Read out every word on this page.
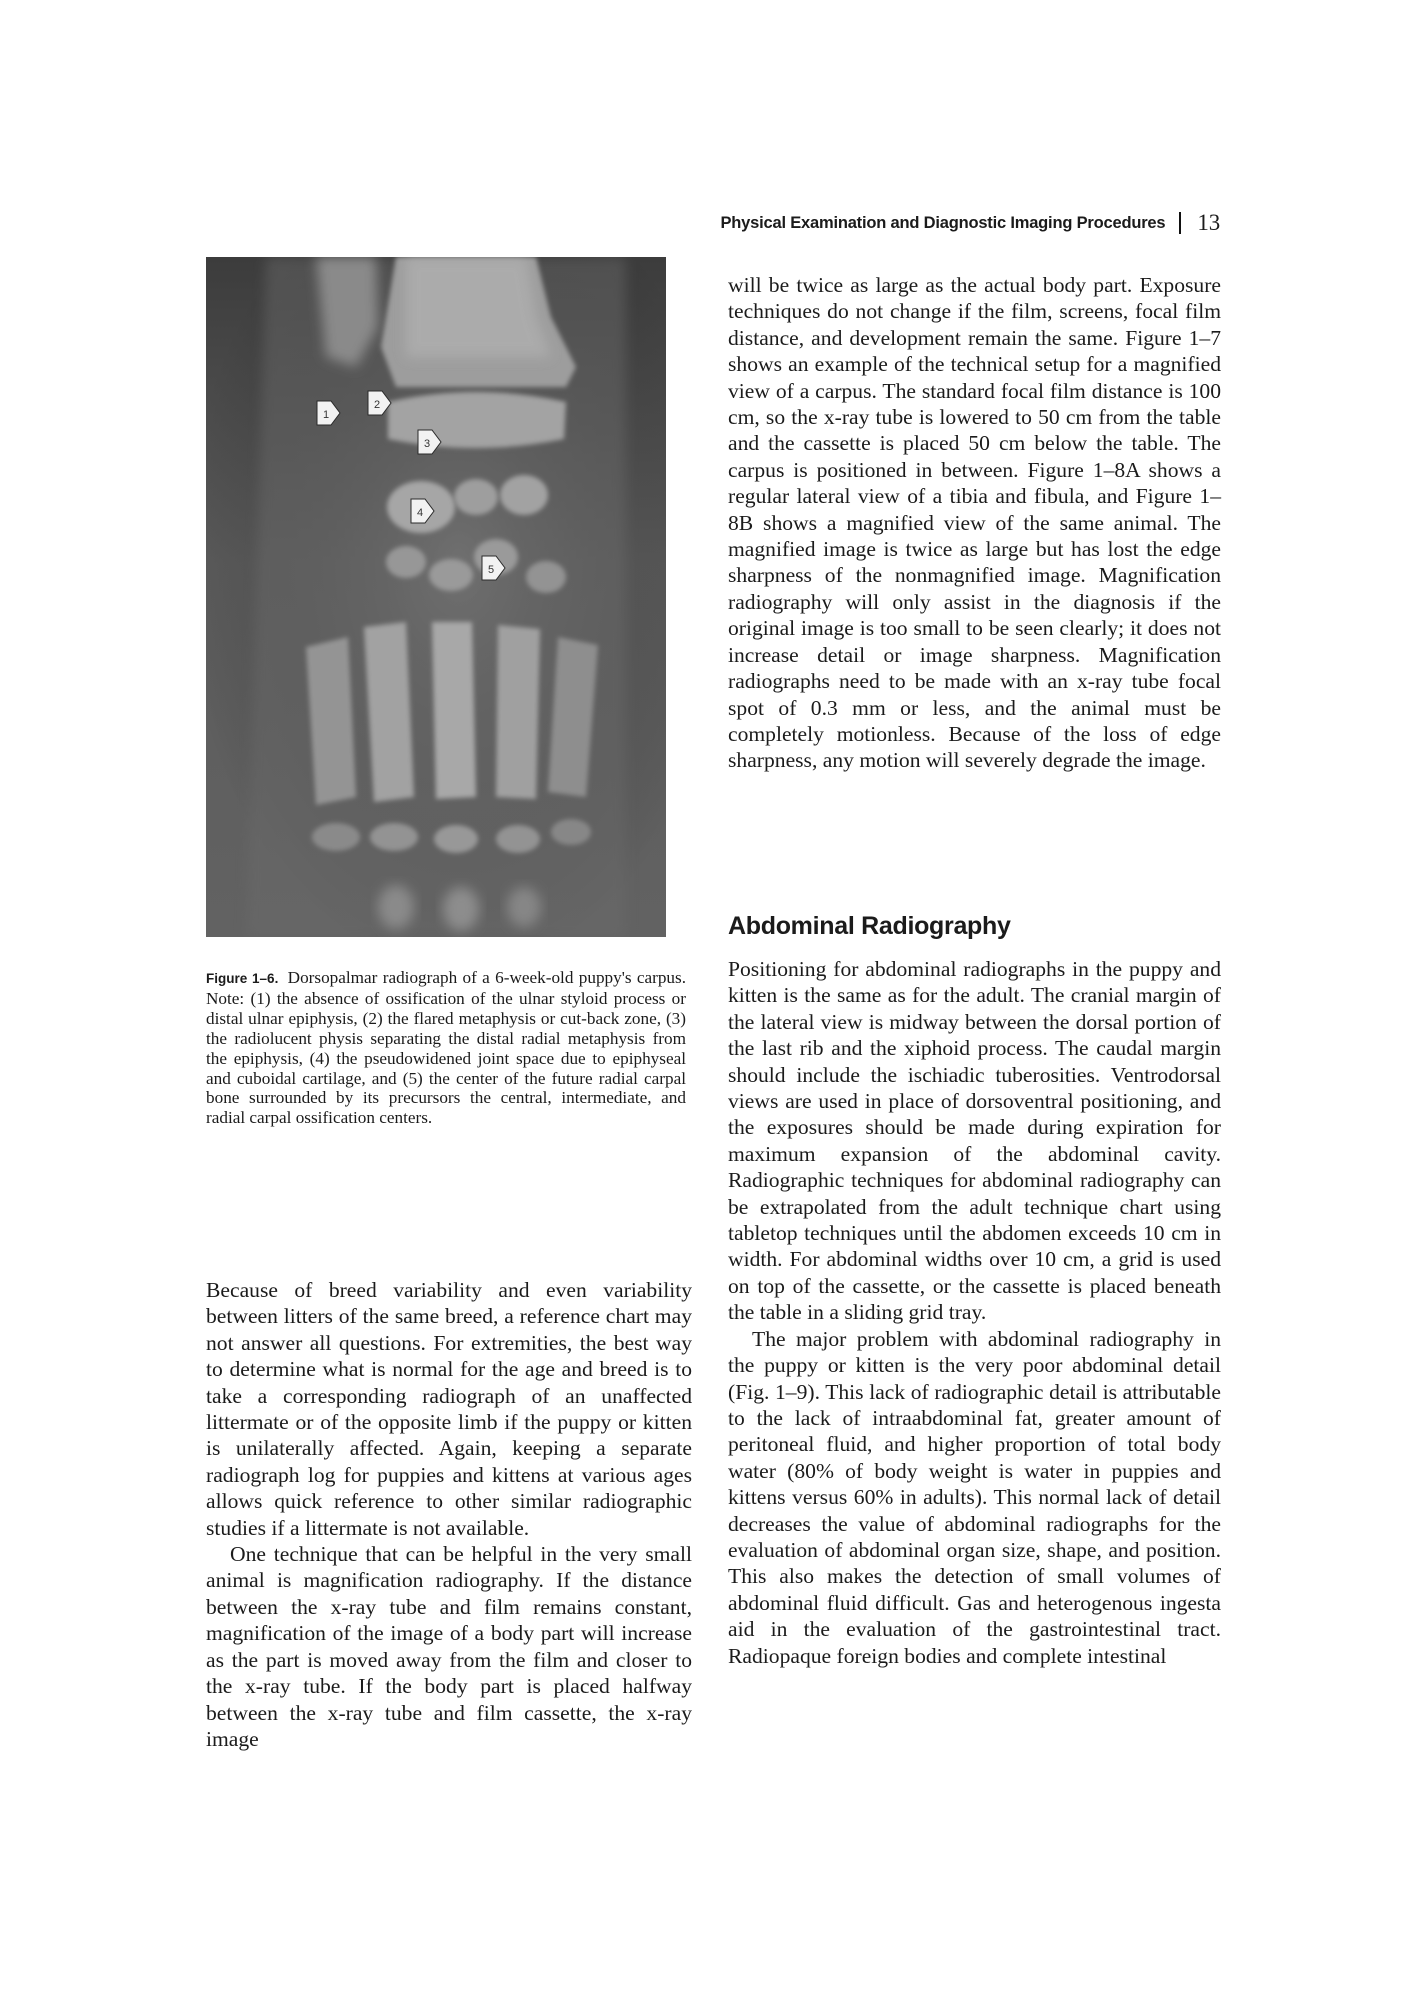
Physical Examination and Diagnostic Imaging Procedures 13
1
2
3
4
5
Figure 1–6. Dorsopalmar radiograph of a 6-week-old puppy's carpus. Note: (1) the absence of ossification of the ulnar styloid process or distal ulnar epiphysis, (2) the flared metaphysis or cut-back zone, (3) the radiolucent physis separating the distal radial metaphysis from the epiphysis, (4) the pseudowidened joint space due to epiphyseal and cuboidal cartilage, and (5) the center of the future radial carpal bone surrounded by its precursors the central, intermediate, and radial carpal ossification centers.

Because of breed variability and even variability between litters of the same breed, a reference chart may not answer all questions. For extremities, the best way to determine what is normal for the age and breed is to take a corresponding radiograph of an unaffected littermate or of the opposite limb if the puppy or kitten is unilaterally affected. Again, keeping a separate radiograph log for puppies and kittens at various ages allows quick reference to other similar radiographic studies if a littermate is not available.

One technique that can be helpful in the very small animal is magnification radiography. If the distance between the x-ray tube and film remains constant, magnification of the image of a body part will increase as the part is moved away from the film and closer to the x-ray tube. If the body part is placed halfway between the x-ray tube and film cassette, the x-ray image

will be twice as large as the actual body part. Exposure techniques do not change if the film, screens, focal film distance, and development remain the same. Figure 1–7 shows an example of the technical setup for a magnified view of a carpus. The standard focal film distance is 100 cm, so the x-ray tube is lowered to 50 cm from the table and the cassette is placed 50 cm below the table. The carpus is positioned in between. Figure 1–8A shows a regular lateral view of a tibia and fibula, and Figure 1–8B shows a magnified view of the same animal. The magnified image is twice as large but has lost the edge sharpness of the nonmagnified image. Magnification radiography will only assist in the diagnosis if the original image is too small to be seen clearly; it does not increase detail or image sharpness. Magnification radiographs need to be made with an x-ray tube focal spot of 0.3 mm or less, and the animal must be completely motionless. Because of the loss of edge sharpness, any motion will severely degrade the image.

Abdominal Radiography

Positioning for abdominal radiographs in the puppy and kitten is the same as for the adult. The cranial margin of the lateral view is midway between the dorsal portion of the last rib and the xiphoid process. The caudal margin should include the ischiadic tuberosities. Ventrodorsal views are used in place of dorsoventral positioning, and the exposures should be made during expiration for maximum expansion of the abdominal cavity. Radiographic techniques for abdominal radiography can be extrapolated from the adult technique chart using tabletop techniques until the abdomen exceeds 10 cm in width. For abdominal widths over 10 cm, a grid is used on top of the cassette, or the cassette is placed beneath the table in a sliding grid tray.

The major problem with abdominal radiography in the puppy or kitten is the very poor abdominal detail (Fig. 1–9). This lack of radiographic detail is attributable to the lack of intraabdominal fat, greater amount of peritoneal fluid, and higher proportion of total body water (80% of body weight is water in puppies and kittens versus 60% in adults). This normal lack of detail decreases the value of abdominal radiographs for the evaluation of abdominal organ size, shape, and position. This also makes the detection of small volumes of abdominal fluid difficult. Gas and heterogenous ingesta aid in the evaluation of the gastrointestinal tract. Radiopaque foreign bodies and complete intestinal
